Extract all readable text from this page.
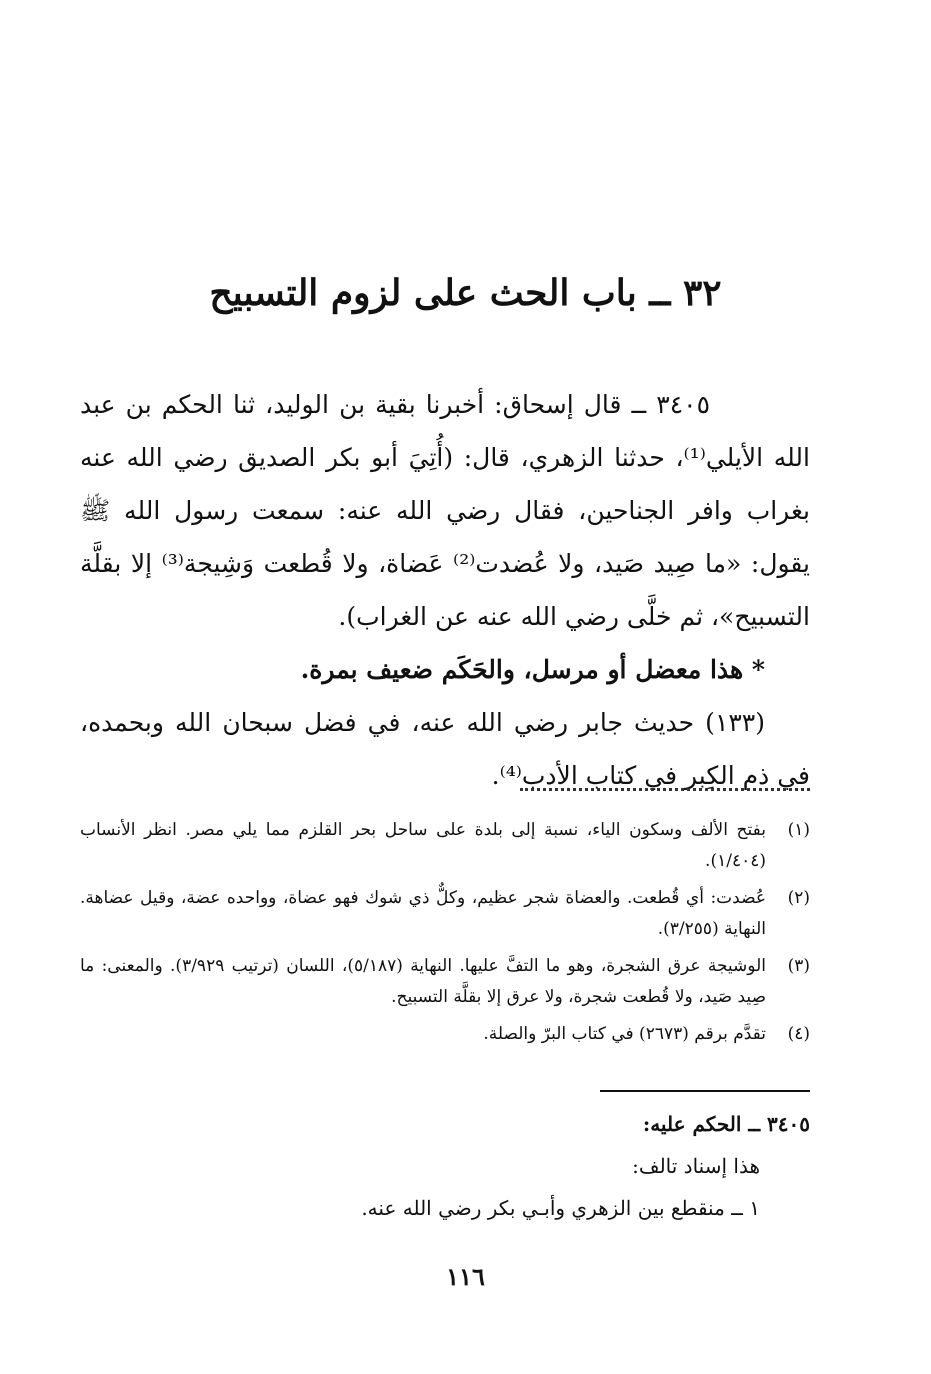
٣٢ ــ باب الحث على لزوم التسبيح

٣٤٠٥ ــ قال إسحاق: أخبرنا بقية بن الوليد، ثنا الحكم بن عبد الله الأيلي⁽¹⁾، حدثنا الزهري، قال: (أُتِيَ أبو بكر الصديق رضي الله عنه بغراب وافر الجناحين، فقال رضي الله عنه: سمعت رسول الله ﷺ يقول: «ما صِيد صَيد، ولا عُضدت⁽²⁾ عَضاة، ولا قُطعت وَشِيجة⁽³⁾ إلا بقلَّة التسبيح»، ثم خلَّى رضي الله عنه عن الغراب).

* هذا معضل أو مرسل، والحَكَم ضعيف بمرة.

(١٣٣) حديث جابر رضي الله عنه، في فضل سبحان الله وبحمده، في ذم الكِبر في كتاب الأدب⁽⁴⁾.

(١)
بفتح الألف وسكون الياء، نسبة إلى بلدة على ساحل بحر القلزم مما يلي مصر. انظر الأنساب (١/٤٠٤).
(٢)
عُضدت: أي قُطعت. والعضاة شجر عظيم، وكلٌّ ذي شوك فهو عضاة، وواحده عضة، وقيل عضاهة. النهاية (٣/٢٥٥).
(٣)
الوشيجة عرق الشجرة، وهو ما التفَّ عليها. النهاية (٥/١٨٧)، اللسان (ترتيب ٣/٩٢٩). والمعنى: ما صِيد صَيد، ولا قُطعت شجرة، ولا عرق إلا بقلَّة التسبيح.
(٤)
تقدَّم برقم (٢٦٧٣) في كتاب البرّ والصلة.

٣٤٠٥ ــ الحكم عليه:

هذا إسناد تالف:

١ ــ منقطع بين الزهري وأبـي بكر رضي الله عنه.

١١٦
